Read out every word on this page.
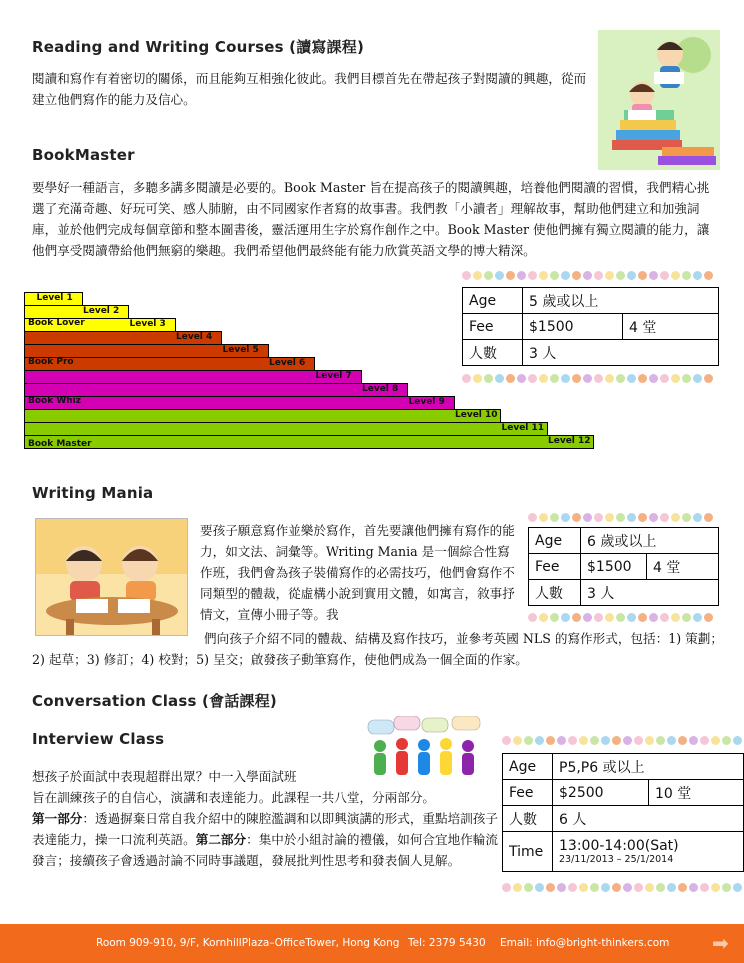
Reading and Writing Courses (讀寫課程)
閱讀和寫作有着密切的關係，而且能夠互相強化彼此。我們目標首先在帶起孩子對閱讀的興趣，從而建立他們寫作的能力及信心。
BookMaster
要學好一種語言，多聽多講多閱讀是必要的。Book Master 旨在提高孩子的閱讀興趣，培養他們閱讀的習慣，我們精心挑選了充滿奇趣、好玩可笑、感人肺腑，由不同國家作者寫的故事書。我們教「小讀者」理解故事，幫助他們建立和加強詞庫，並於他們完成每個章節和整本圖書後，靈活運用生字於寫作創作之中。Book Master 使他們擁有獨立閱讀的能力，讓他們享受閱讀帶給他們無窮的樂趣。我們希望他們最終能有能力欣賞英語文學的博大精深。
Level 1
Level 2
Level 3
Level 4
Level 5
Level 6
Level 7
Level 8
Level 9
Level 10
Level 11
Level 12
Book Lover
Book Pro
Book Whiz
Book Master
Age	5 歲或以上	
Fee	$1500	4 堂
人數	3 人	
Writing Mania
要孩子願意寫作並樂於寫作，首先要讓他們擁有寫作的能力，如文法、詞彙等。Writing Mania 是一個綜合性寫作班，我們會為孩子裝備寫作的必需技巧，他們會寫作不同類型的體裁，從虛構小說到實用文體，如寓言，敘事抒情文，宣傳小冊子等。我
們向孩子介紹不同的體裁、結構及寫作技巧，並參考英國 NLS 的寫作形式，包括：1) 策劃；2) 起草；3) 修訂；4) 校對；5) 呈交；啟發孩子動筆寫作，使他們成為一個全面的作家。
Age	6 歲或以上	
Fee	$1500	4 堂
人數	3 人	
Conversation Class (會話課程)
Interview Class
想孩子於面試中表現超群出眾？中一入學面試班
旨在訓練孩子的自信心，演講和表達能力。此課程一共八堂，分兩部分。
第一部分：透過摒棄日常自我介紹中的陳腔濫調和以即興演講的形式，重點培訓孩子表達能力，操一口流利英語。第二部分：集中於小組討論的禮儀，如何合宜地作輪流發言；接續孩子會透過討論不同時事議題，發展批判性思考和發表個人見解。
Age	P5,P6 或以上	
Fee	$2500	10 堂
人數	6 人	
Time	13:00-14:00(Sat)
23/11/2013 – 25/1/2014	
Room 909-910, 9/F, KornhillPlaza–OfficeTower, Hong Kong Tel: 2379 5430 Email: info@bright-thinkers.com ➡
